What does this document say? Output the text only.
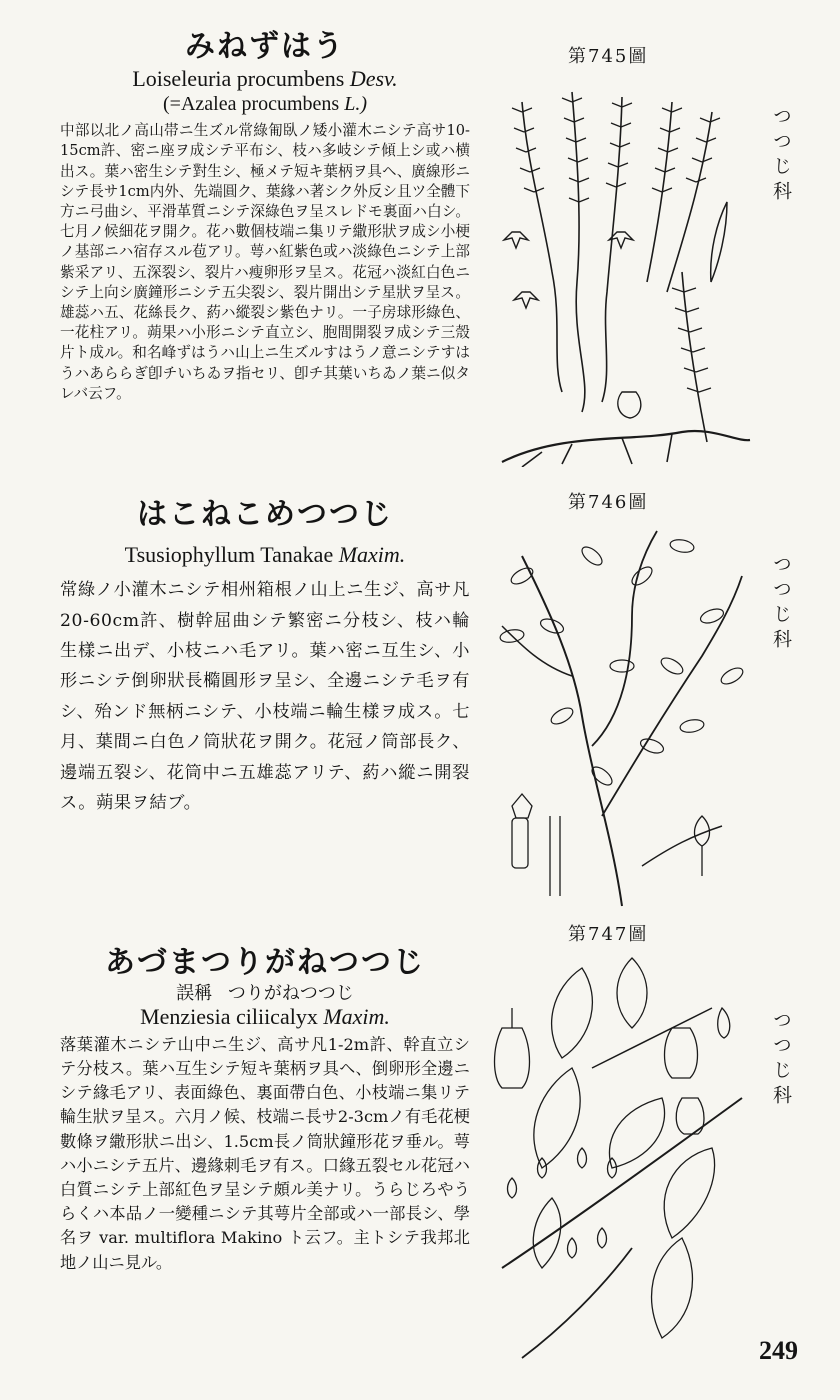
みねずはう
Loiseleuria procumbens Desv.
(=Azalea procumbens L.)
中部以北ノ高山帯ニ生ズル常綠匍臥ノ矮小灌木ニシテ高サ10-15cm許、密ニ座ヲ成シテ平布シ、枝ハ多岐シテ傾上シ或ハ横出ス。葉ハ密生シテ對生シ、極メテ短キ葉柄ヲ具ヘ、廣線形ニシテ長サ1cm内外、先端圓ク、葉緣ハ著シク外反シ且ツ全體下方ニ弓曲シ、平滑革質ニシテ深綠色ヲ呈スレドモ裏面ハ白シ。七月ノ候細花ヲ開ク。花ハ數個枝端ニ集リテ繖形狀ヲ成シ小梗ノ基部ニハ宿存スル苞アリ。萼ハ紅紫色或ハ淡綠色ニシテ上部紫采アリ、五深裂シ、裂片ハ瘦卵形ヲ呈ス。花冠ハ淡紅白色ニシテ上向シ廣鐘形ニシテ五尖裂シ、裂片開出シテ星狀ヲ呈ス。雄蕊ハ五、花絲長ク、葯ハ縱裂シ紫色ナリ。一子房球形綠色、一花柱アリ。蒴果ハ小形ニシテ直立シ、胞間開裂ヲ成シテ三殼片ト成ル。和名峰ずはうハ山上ニ生ズルすはうノ意ニシテすはうハあららぎ卽チいちゐヲ指セリ、卽チ其葉いちゐノ葉ニ似タレバ云フ。
第745圖
つつじ科
はこねこめつつじ
Tsusiophyllum Tanakae Maxim.
常綠ノ小灌木ニシテ相州箱根ノ山上ニ生ジ、高サ凡20-60cm許、樹幹屈曲シテ繁密ニ分枝シ、枝ハ輪生樣ニ出デ、小枝ニハ毛アリ。葉ハ密ニ互生シ、小形ニシテ倒卵狀長橢圓形ヲ呈シ、全邊ニシテ毛ヲ有シ、殆ンド無柄ニシテ、小枝端ニ輪生樣ヲ成ス。七月、葉間ニ白色ノ筒狀花ヲ開ク。花冠ノ筒部長ク、邊端五裂シ、花筒中ニ五雄蕊アリテ、葯ハ縱ニ開裂ス。蒴果ヲ結ブ。
第746圖
つつじ科
あづまつりがねつつじ
誤稱 つりがねつつじ
Menziesia ciliicalyx Maxim.
落葉灌木ニシテ山中ニ生ジ、高サ凡1-2m許、幹直立シテ分枝ス。葉ハ互生シテ短キ葉柄ヲ具ヘ、倒卵形全邊ニシテ緣毛アリ、表面綠色、裏面帶白色、小枝端ニ集リテ輪生狀ヲ呈ス。六月ノ候、枝端ニ長サ2-3cmノ有毛花梗數條ヲ繖形狀ニ出シ、1.5cm長ノ筒狀鐘形花ヲ垂ル。萼ハ小ニシテ五片、邊緣刺毛ヲ有ス。口緣五裂セル花冠ハ白質ニシテ上部紅色ヲ呈シテ頗ル美ナリ。うらじろやうらくハ本品ノ一變種ニシテ其萼片全部或ハ一部長シ、學名ヲ var. multiflora Makino ト云フ。主トシテ我邦北地ノ山ニ見ル。
第747圖
つつじ科
249
